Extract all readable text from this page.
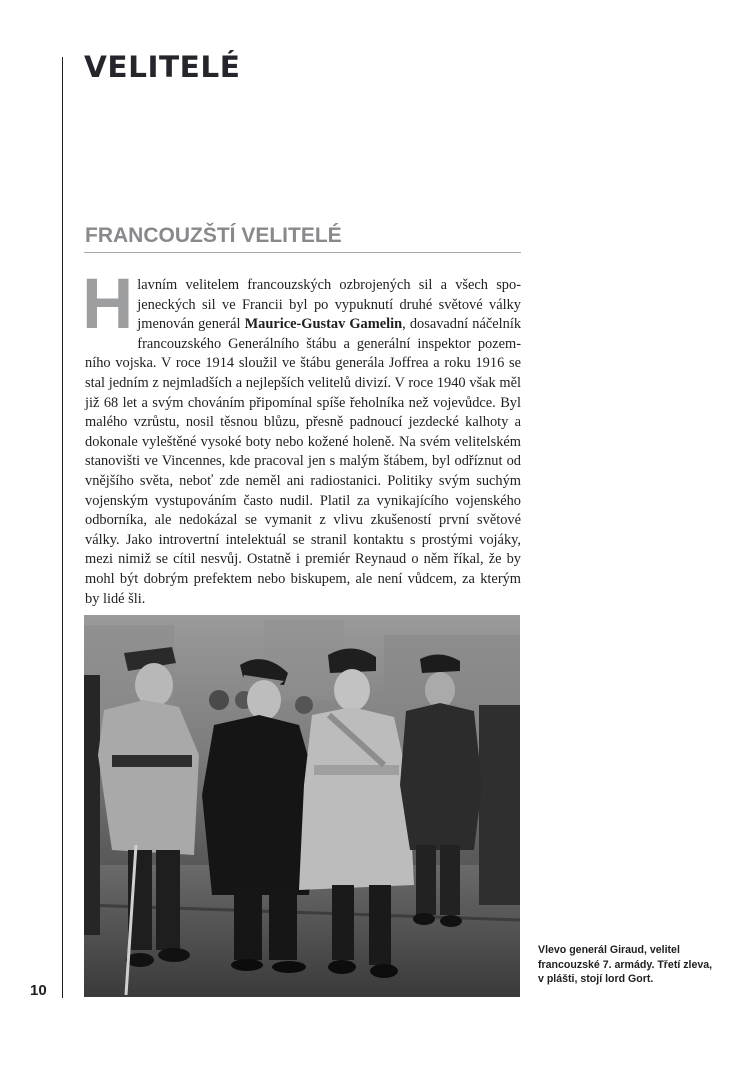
VELITELÉ
FRANCOUZŠTÍ VELITELÉ

Hlavním velitelem francouzských ozbrojených sil a všech spojeneckých sil ve Francii byl po vypuknutí druhé světové války jmenován generál Maurice-Gustav Gamelin, dosavadní náčelník francouzského Generálního štábu a generální inspektor pozemního vojska. V roce 1914 sloužil ve štábu generála Joffrea a roku 1916 se stal jedním z nejmladších a nejlepších velitelů divizí. V roce 1940 však měl již 68 let a svým chováním připomínal spíše řeholníka než vojevůdce. Byl malého vzrůstu, nosil těsnou blůzu, přesně padnoucí jezdecké kalhoty a dokonale vyleštěné vysoké boty nebo kožené holeně. Na svém velitelském stanovišti ve Vincennes, kde pracoval jen s malým štábem, byl odříznut od vnějšího světa, neboť zde neměl ani radiostanici. Politiky svým suchým vojenským vystupováním často nudil. Platil za vynikajícího vojenského odborníka, ale nedokázal se vymanit z vlivu zkušeností první světové války. Jako introvertní intelektuál se stranil kontaktu s prostými vojáky, mezi nimiž se cítil nesvůj. Ostatně i premiér Reynaud o něm říkal, že by mohl být dobrým prefektem nebo biskupem, ale není vůdcem, za kterým by lidé šli.

Vlevo generál Giraud, velitel francouzské 7. armády. Třetí zleva, v plášti, stojí lord Gort.

10
